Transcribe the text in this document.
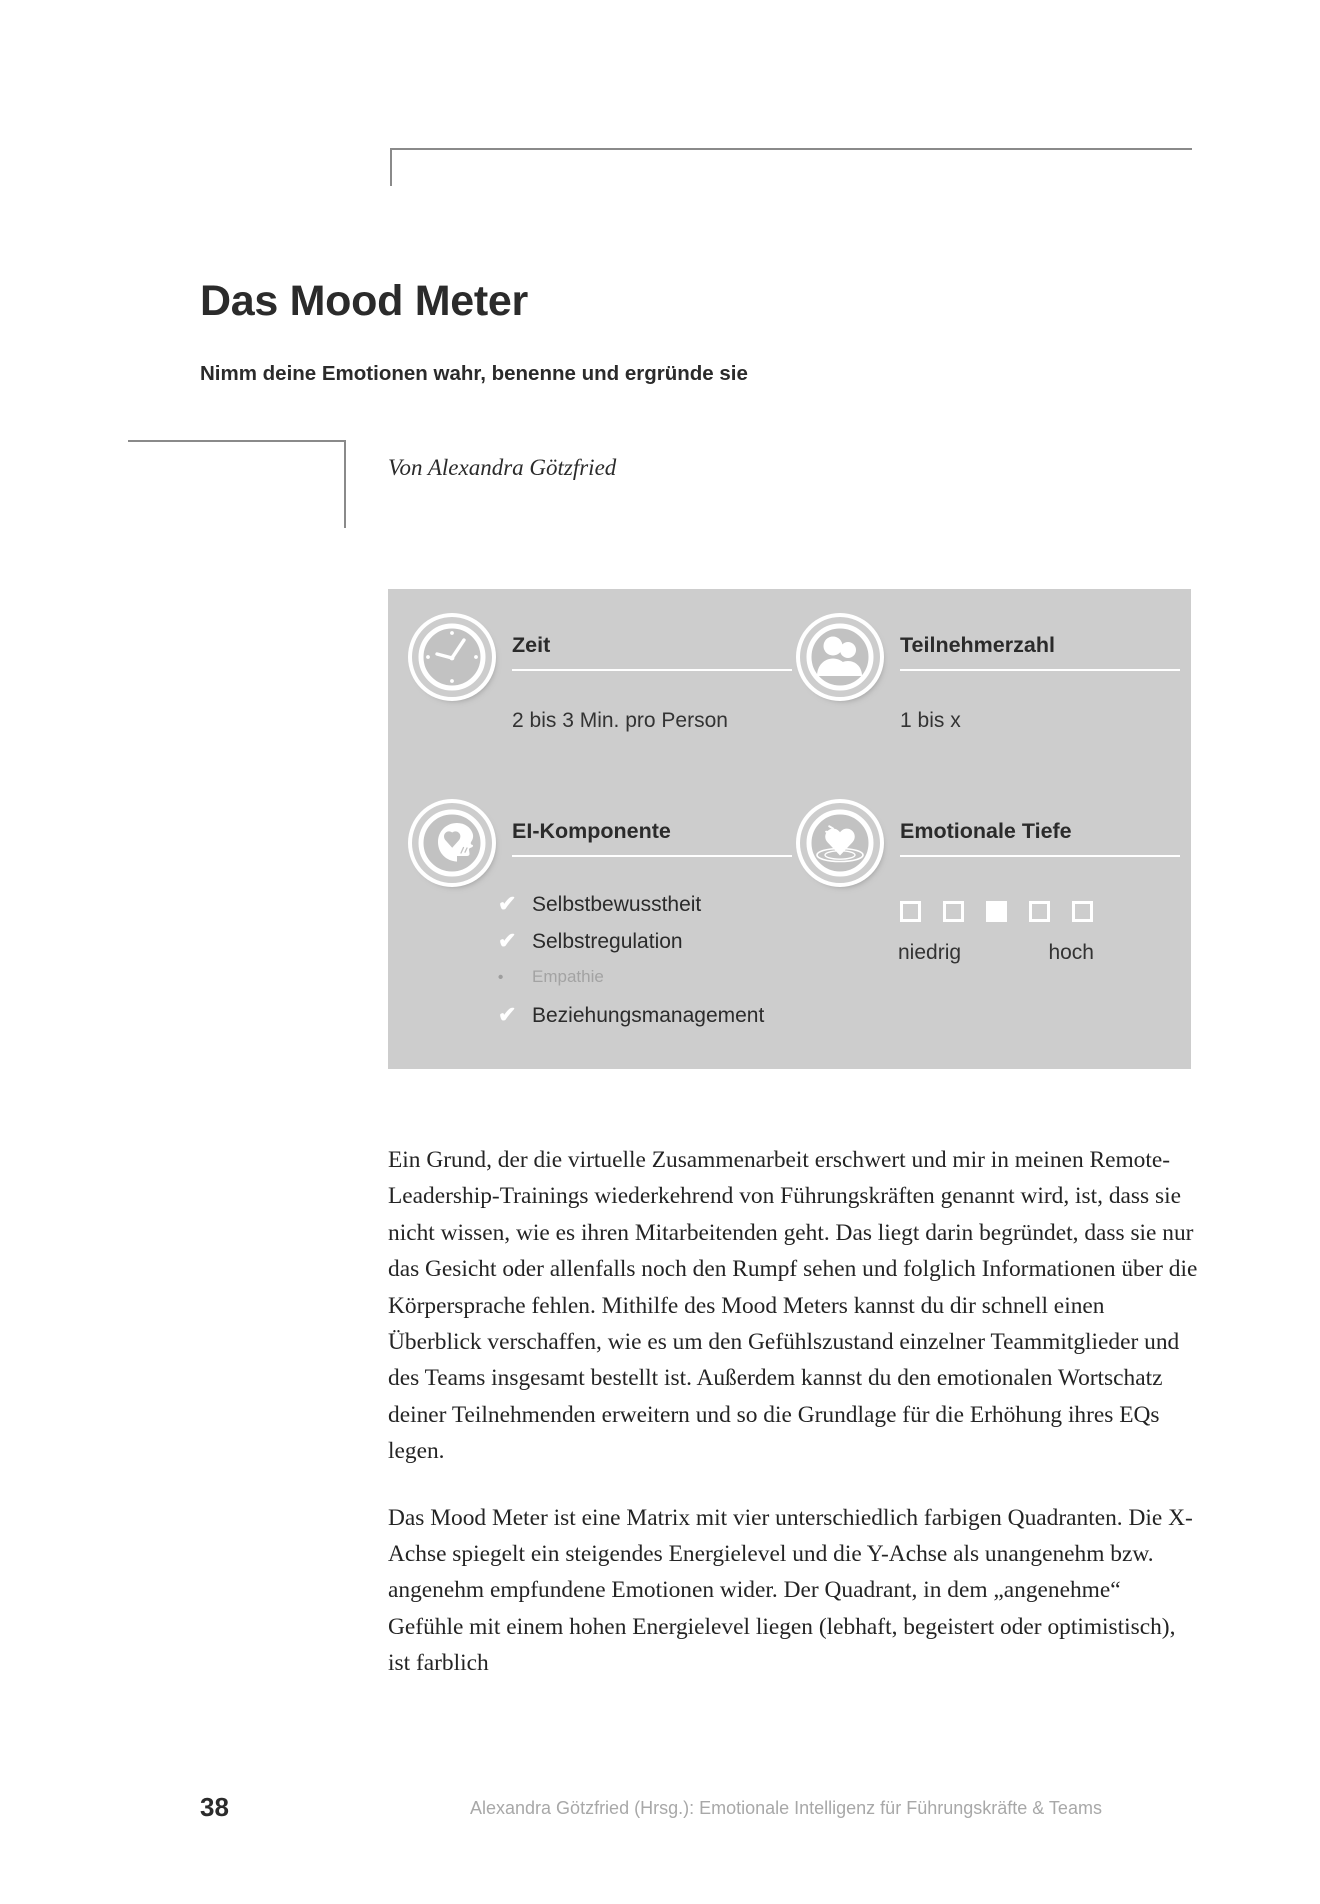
Das Mood Meter
Nimm deine Emotionen wahr, benenne und ergründe sie
Von Alexandra Götzfried
Zeit
2 bis 3 Min. pro Person
Teilnehmerzahl
1 bis x
EI-Komponente
✔ Selbstbewusstheit
✔ Selbstregulation
•	Empathie
✔ Beziehungsmanagement
Emotionale Tiefe
niedrig	hoch

Ein Grund, der die virtuelle Zusammenarbeit erschwert und mir in meinen Remote-Leadership-Trainings wiederkehrend von Führungskräften genannt wird, ist, dass sie nicht wissen, wie es ihren Mitarbeitenden geht. Das liegt darin begründet, dass sie nur das Gesicht oder allenfalls noch den Rumpf sehen und folglich Informationen über die Körpersprache fehlen. Mithilfe des Mood Meters kannst du dir schnell einen Überblick verschaffen, wie es um den Gefühlszustand einzelner Teammitglieder und des Teams insgesamt bestellt ist. Außerdem kannst du den emotionalen Wortschatz deiner Teilnehmenden erweitern und so die Grundlage für die Erhöhung ihres EQs legen.

Das Mood Meter ist eine Matrix mit vier unterschiedlich farbigen Quadranten. Die X-Achse spiegelt ein steigendes Energielevel und die Y-Achse als unangenehm bzw. angenehm empfundene Emotionen wider. Der Quadrant, in dem „angenehme“ Gefühle mit einem hohen Energielevel liegen (lebhaft, begeistert oder optimistisch), ist farblich

38	Alexandra Götzfried (Hrsg.): Emotionale Intelligenz für Führungskräfte & Teams
